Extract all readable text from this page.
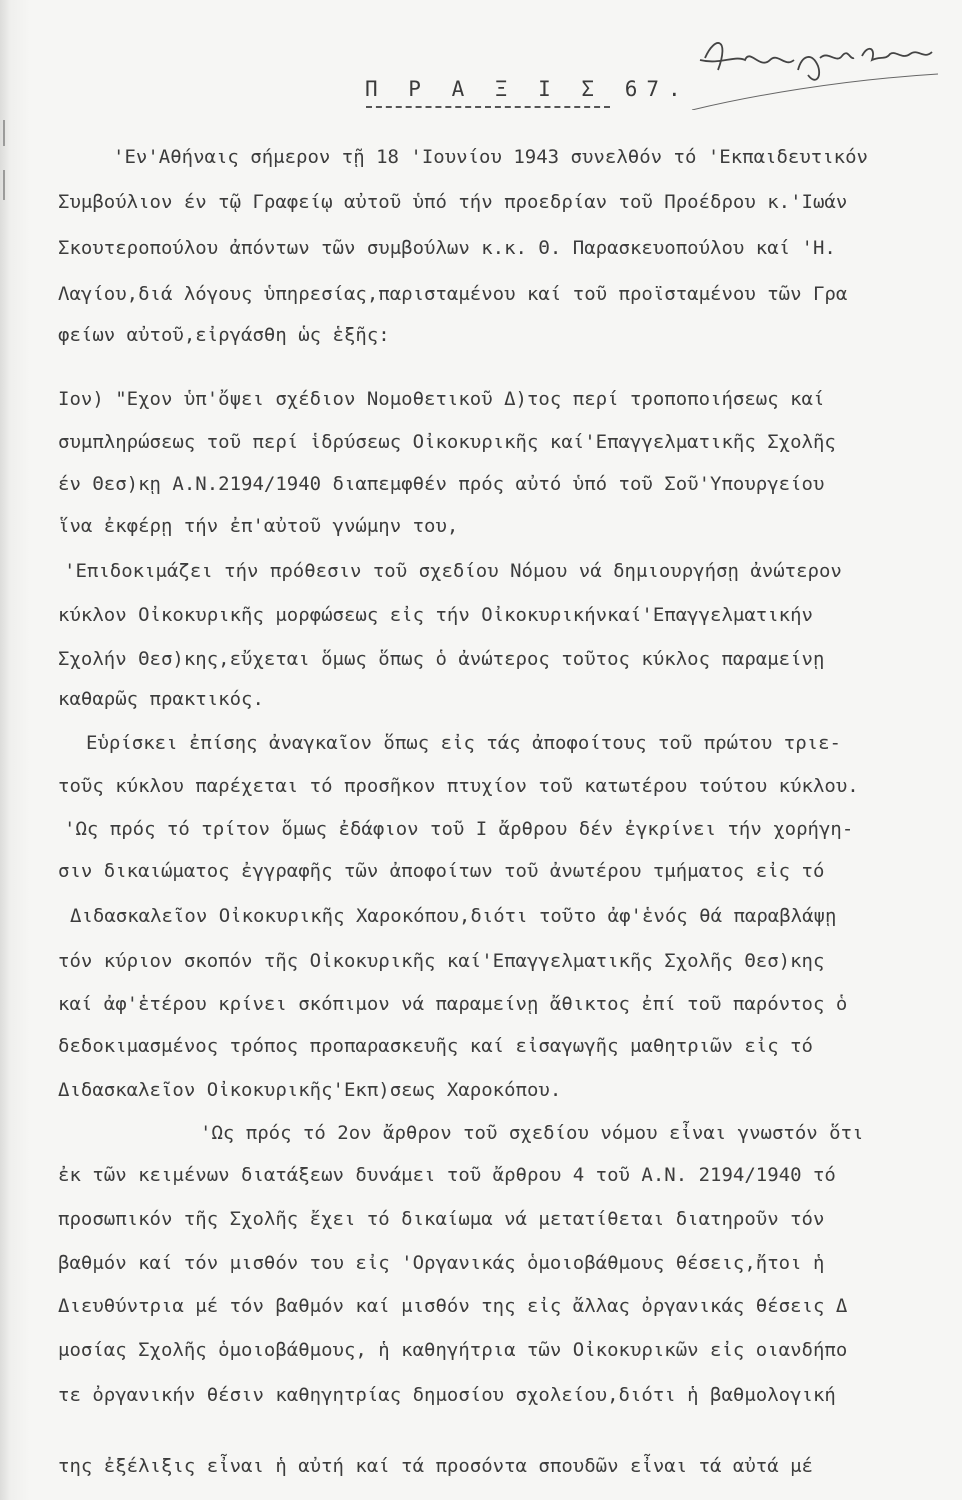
Π Ρ Α Ξ Ι Σ 67.
'Εν'Αθήναις σήμερον τῇ 18 'Ιουνίου 1943 συνελθόν τό 'Εκπαιδευτικόν
Συμβούλιον έν τῷ Γραφείῳ αὐτοῦ ὑπό τήν προεδρίαν τοῦ Προέδρου κ.'Ιωάν
Σκουτεροπούλου ἀπόντων τῶν συμβούλων κ.κ. Θ. Παρασκευοπούλου καί 'Η.
Λαγίου,διά λόγους ὑπηρεσίας,παρισταμένου καί τοῦ προϊσταμένου τῶν Γρα
φείων αὐτοῦ,εἰργάσθη ὡς ἑξῆς:
Ιον) "Εχον ὑπ'ὄψει σχέδιον Νομοθετικοῦ Δ)τος περί τροποποιήσεως καί
συμπληρώσεως τοῦ περί ἱδρύσεως Οἰκοκυρικῆς καί'Επαγγελματικῆς Σχολῆς
έν Θεσ)κῃ Α.Ν.2194/1940 διαπεμφθέν πρός αὐτό ὑπό τοῦ Σοῦ'Υπουργείου
ἵνα ἐκφέρῃ τήν ἐπ'αὐτοῦ γνώμην του,
'Επιδοκιμάζει τήν πρόθεσιν τοῦ σχεδίου Νόμου νά δημιουργήσῃ ἀνώτερον
κύκλον Οἰκοκυρικῆς μορφώσεως εἰς τήν Οἰκοκυρικήνκαί'Επαγγελματικήν
Σχολήν Θεσ)κης,εὔχεται ὅμως ὅπως ὁ ἀνώτερος τοῦτος κύκλος παραμείνῃ
καθαρῶς πρακτικός.
Εὑρίσκει ἐπίσης ἀναγκαῖον ὅπως εἰς τάς ἀποφοίτους τοῦ πρώτου τριε-
τοῦς κύκλου παρέχεται τό προσῆκον πτυχίον τοῦ κατωτέρου τούτου κύκλου.
'Ως πρός τό τρίτον ὅμως ἐδάφιον τοῦ Ι ἄρθρου δέν ἐγκρίνει τήν χορήγη-
σιν δικαιώματος ἐγγραφῆς τῶν ἀποφοίτων τοῦ ἀνωτέρου τμήματος εἰς τό
Διδασκαλεῖον Οἰκοκυρικῆς Χαροκόπου,διότι τοῦτο ἀφ'ἑνός θά παραβλάψῃ
τόν κύριον σκοπόν τῆς Οἰκοκυρικῆς καί'Επαγγελματικῆς Σχολῆς Θεσ)κης
καί ἀφ'ἑτέρου κρίνει σκόπιμον νά παραμείνῃ ἄθικτος ἐπί τοῦ παρόντος ὁ
δεδοκιμασμένος τρόπος προπαρασκευῆς καί εἰσαγωγῆς μαθητριῶν εἰς τό
Διδασκαλεῖον Οἰκοκυρικῆς'Εκπ)σεως Χαροκόπου.
'Ως πρός τό 2ον ἄρθρον τοῦ σχεδίου νόμου εἶναι γνωστόν ὅτι
ἐκ τῶν κειμένων διατάξεων δυνάμει τοῦ ἄρθρου 4 τοῦ Α.Ν. 2194/1940 τό
προσωπικόν τῆς Σχολῆς ἔχει τό δικαίωμα νά μετατίθεται διατηροῦν τόν
βαθμόν καί τόν μισθόν του εἰς 'Οργανικάς ὁμοιοβάθμους θέσεις,ἤτοι ἡ
Διευθύντρια μέ τόν βαθμόν καί μισθόν της εἰς ἄλλας ὀργανικάς θέσεις Δ
μοσίας Σχολῆς ὁμοιοβάθμους, ἡ καθηγήτρια τῶν Οἰκοκυρικῶν εἰς οιανδήπο
τε ὀργανικήν θέσιν καθηγητρίας δημοσίου σχολείου,διότι ἡ βαθμολογική
της ἐξέλιξις εἶναι ἡ αὐτή καί τά προσόντα σπουδῶν εἶναι τά αὐτά μέ
